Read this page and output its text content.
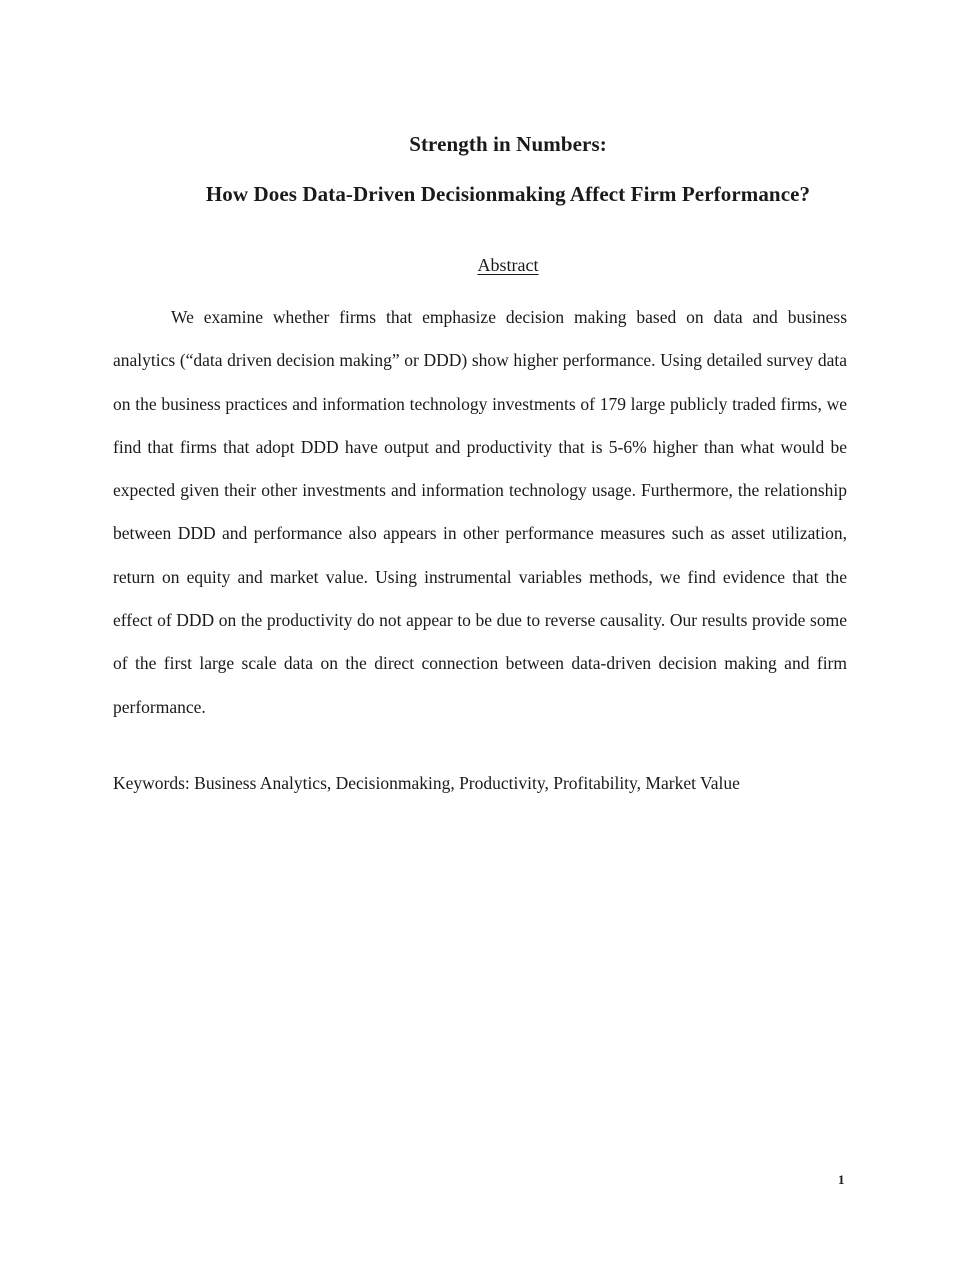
Strength in Numbers:
How Does Data-Driven Decisionmaking Affect Firm Performance?
Abstract

We examine whether firms that emphasize decision making based on data and business analytics (“data driven decision making” or DDD) show higher performance. Using detailed survey data on the business practices and information technology investments of 179 large publicly traded firms, we find that firms that adopt DDD have output and productivity that is 5-6% higher than what would be expected given their other investments and information technology usage. Furthermore, the relationship between DDD and performance also appears in other performance measures such as asset utilization, return on equity and market value. Using instrumental variables methods, we find evidence that the effect of DDD on the productivity do not appear to be due to reverse causality. Our results provide some of the first large scale data on the direct connection between data-driven decision making and firm performance.

Keywords: Business Analytics, Decisionmaking, Productivity, Profitability, Market Value

1
